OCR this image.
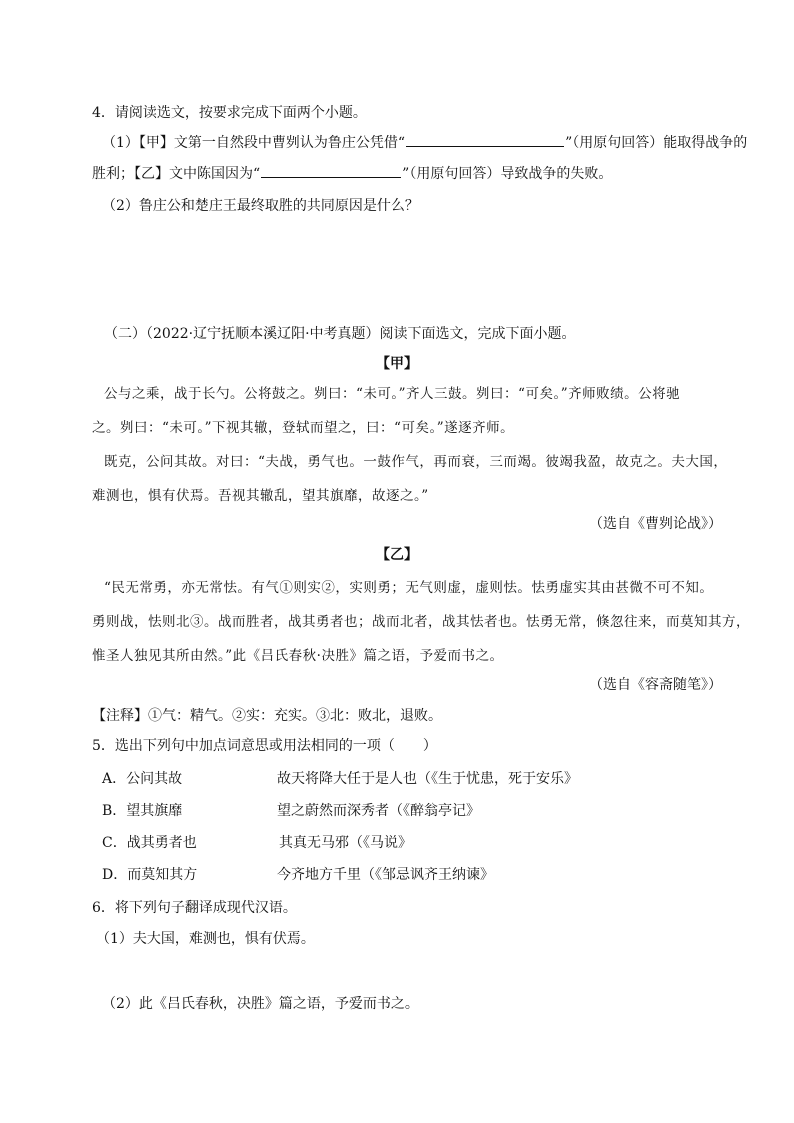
4．请阅读选文，按要求完成下面两个小题。
（1）【甲】文第一自然段中曹刿认为鲁庄公凭借“	”（用原句回答）能取得战争的
胜利；【乙】文中陈国因为“	”（用原句回答）导致战争的失败。
（2）鲁庄公和楚庄王最终取胜的共同原因是什么？
（二）（2022·辽宁抚顺本溪辽阳·中考真题）阅读下面选文，完成下面小题。
【甲】
公与之乘，战于长勺。公将鼓之。刿曰：“未可。”齐人三鼓。刿曰：“可矣。”齐师败绩。公将驰
之。刿曰：“未可。”下视其辙，登轼而望之，曰：“可矣。”遂逐齐师。
既克，公问其故。对曰：“夫战，勇气也。一鼓作气，再而衰，三而竭。彼竭我盈，故克之。夫大国，
难测也，惧有伏焉。吾视其辙乱，望其旗靡，故逐之。”
（选自《曹刿论战》）
【乙】
“民无常勇，亦无常怯。有气①则实②，实则勇；无气则虚，虚则怯。怯勇虚实其由甚微不可不知。
勇则战，怯则北③。战而胜者，战其勇者也；战而北者，战其怯者也。怯勇无常，倏忽往来，而莫知其方，
惟圣人独见其所由然。”此《吕氏春秋·决胜》篇之语，予爱而书之。
（选自《容斋随笔》）
【注释】①气：精气。②实：充实。③北：败北，退败。
5．选出下列句中加点词意思或用法相同的一项（　　）
A．公问其故	故天将降大任于是人也（《生于忧患，死于安乐》
B．望其旗靡	望之蔚然而深秀者（《醉翁亭记》
C．战其勇者也	其真无马邪（《马说》
D．而莫知其方	今齐地方千里（《邹忌讽齐王纳谏》
6．将下列句子翻译成现代汉语。
（1）夫大国，难测也，惧有伏焉。
（2）此《吕氏春秋，决胜》篇之语，予爱而书之。
